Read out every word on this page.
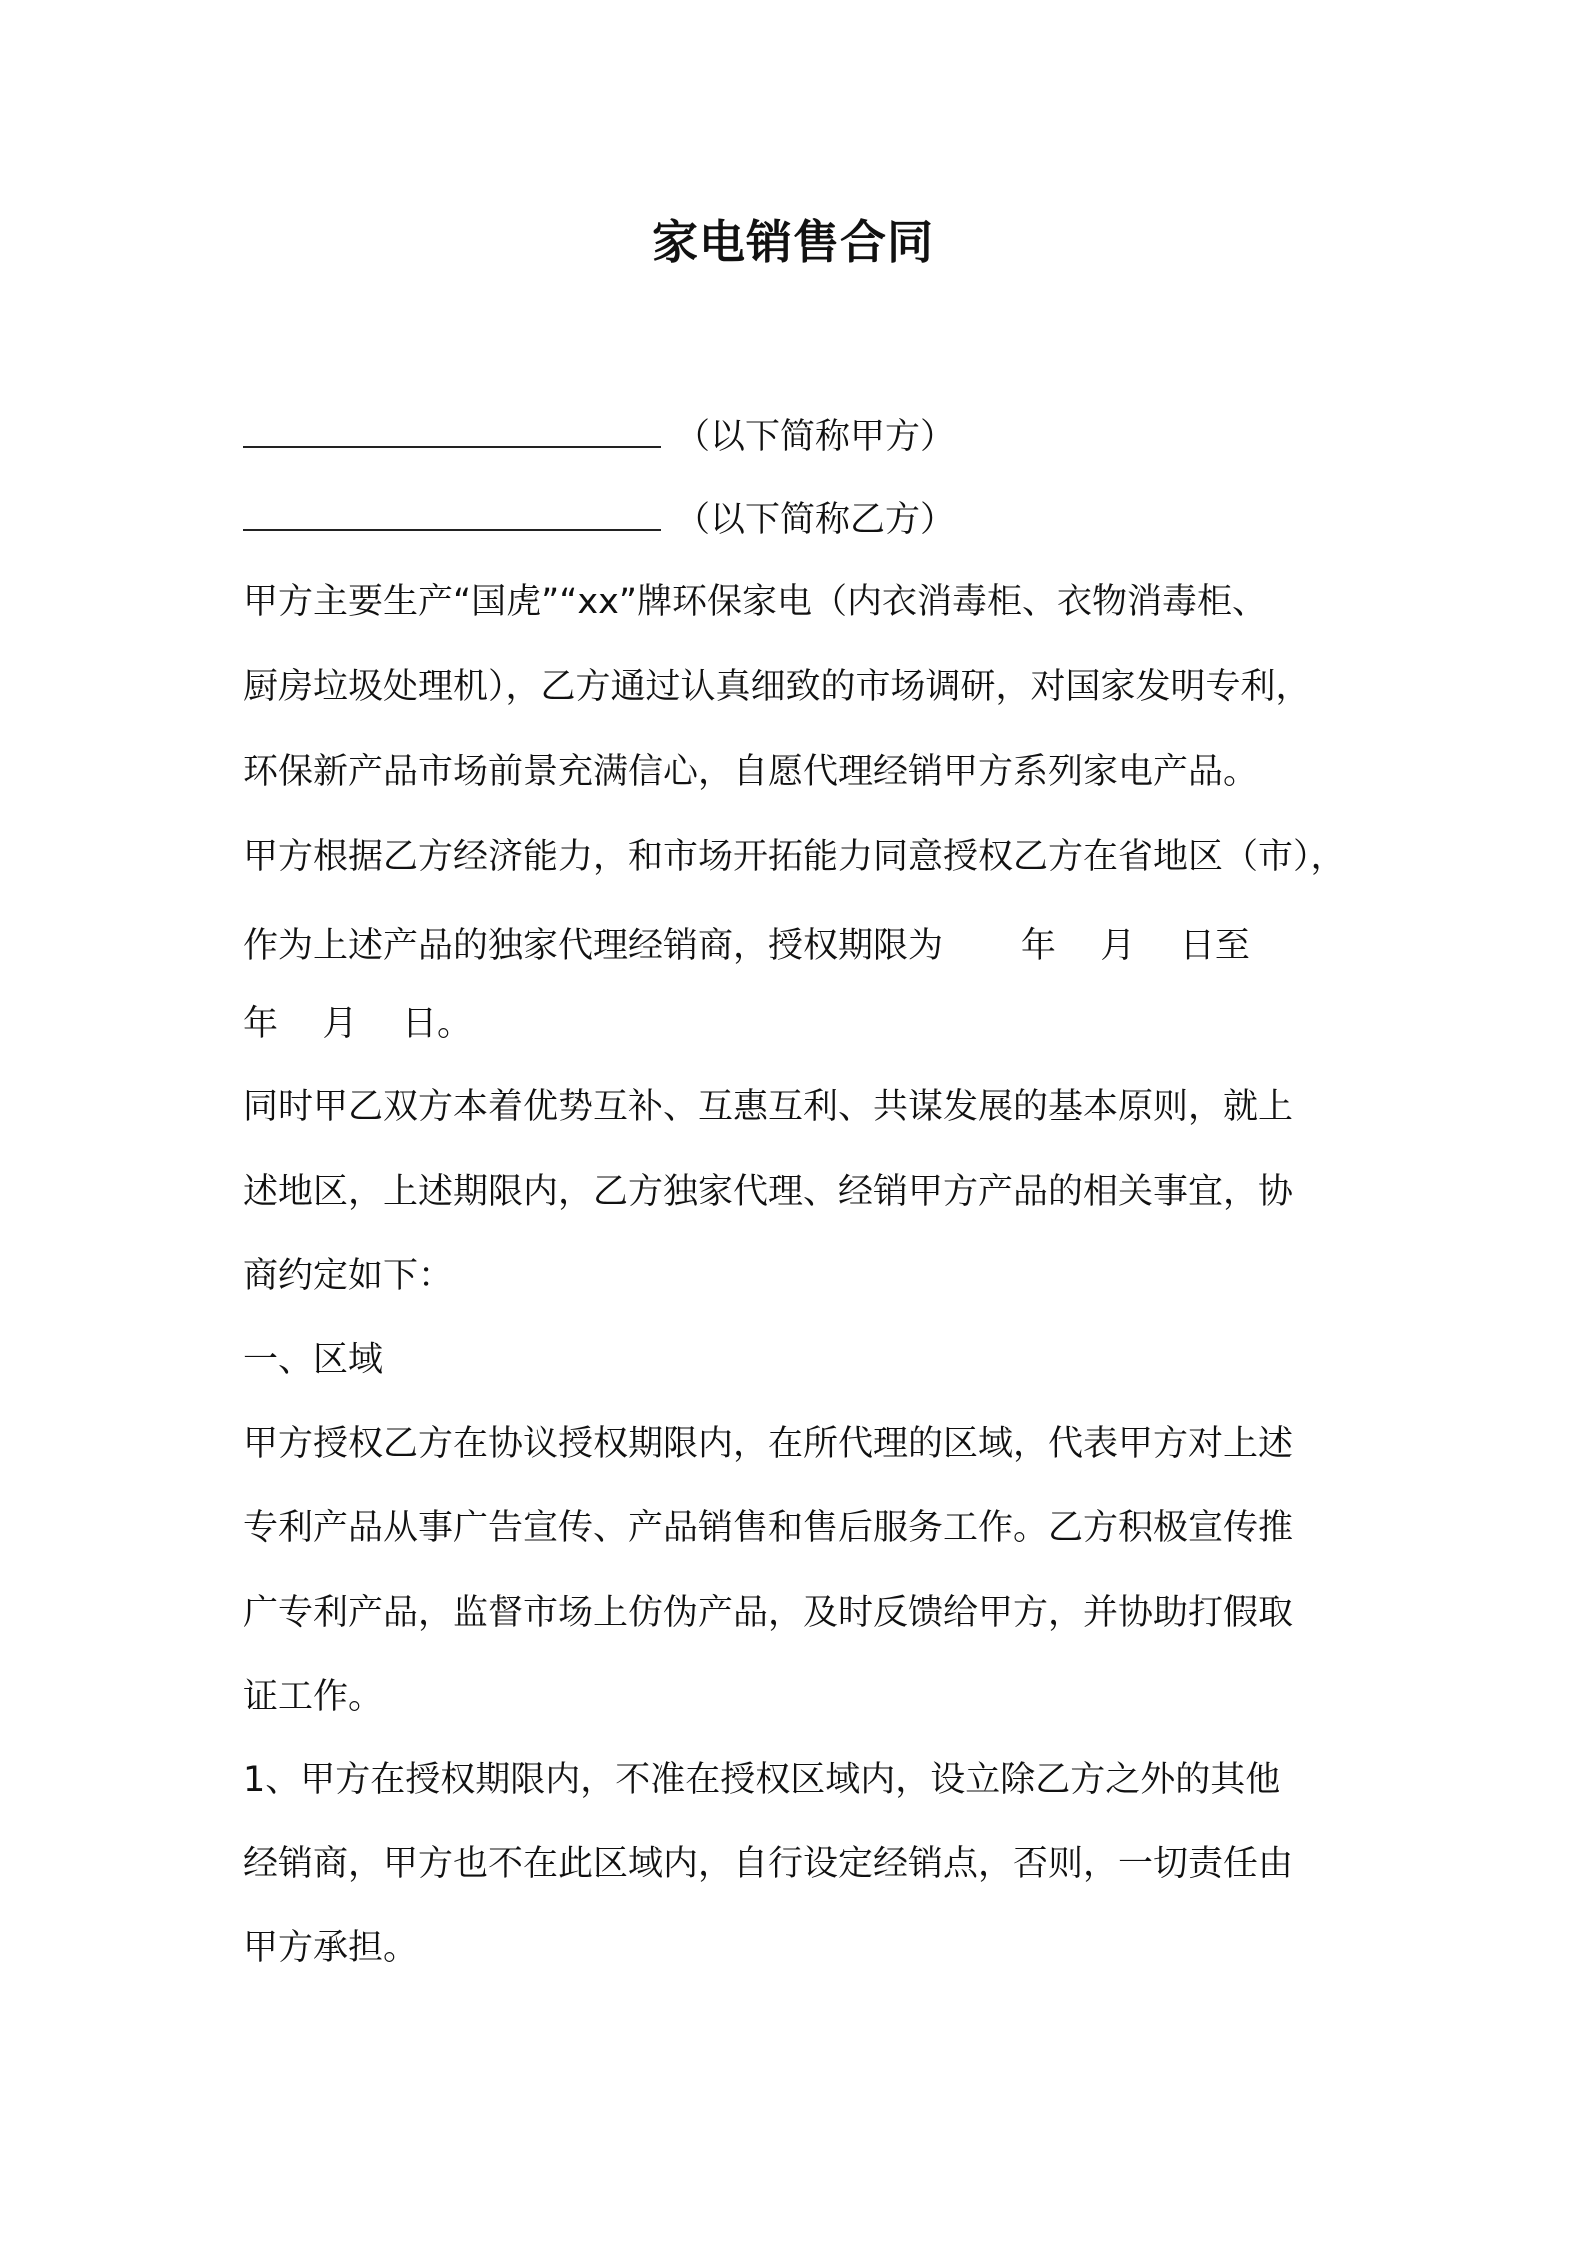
家电销售合同
（以下简称甲方）
（以下简称乙方）
甲方主要生产“国虎”“xx”牌环保家电（内衣消毒柜、衣物消毒柜、
厨房垃圾处理机），乙方通过认真细致的市场调研，对国家发明专利，
环保新产品市场前景充满信心，自愿代理经销甲方系列家电产品。
甲方根据乙方经济能力，和市场开拓能力同意授权乙方在省地区（市），
作为上述产品的独家代理经销商，授权期限为       年    月    日至
年    月    日。
同时甲乙双方本着优势互补、互惠互利、共谋发展的基本原则，就上
述地区，上述期限内，乙方独家代理、经销甲方产品的相关事宜，协
商约定如下：
一、区域
甲方授权乙方在协议授权期限内，在所代理的区域，代表甲方对上述
专利产品从事广告宣传、产品销售和售后服务工作。乙方积极宣传推
广专利产品，监督市场上仿伪产品，及时反馈给甲方，并协助打假取
证工作。
1、甲方在授权期限内，不准在授权区域内，设立除乙方之外的其他
经销商，甲方也不在此区域内，自行设定经销点，否则，一切责任由
甲方承担。
